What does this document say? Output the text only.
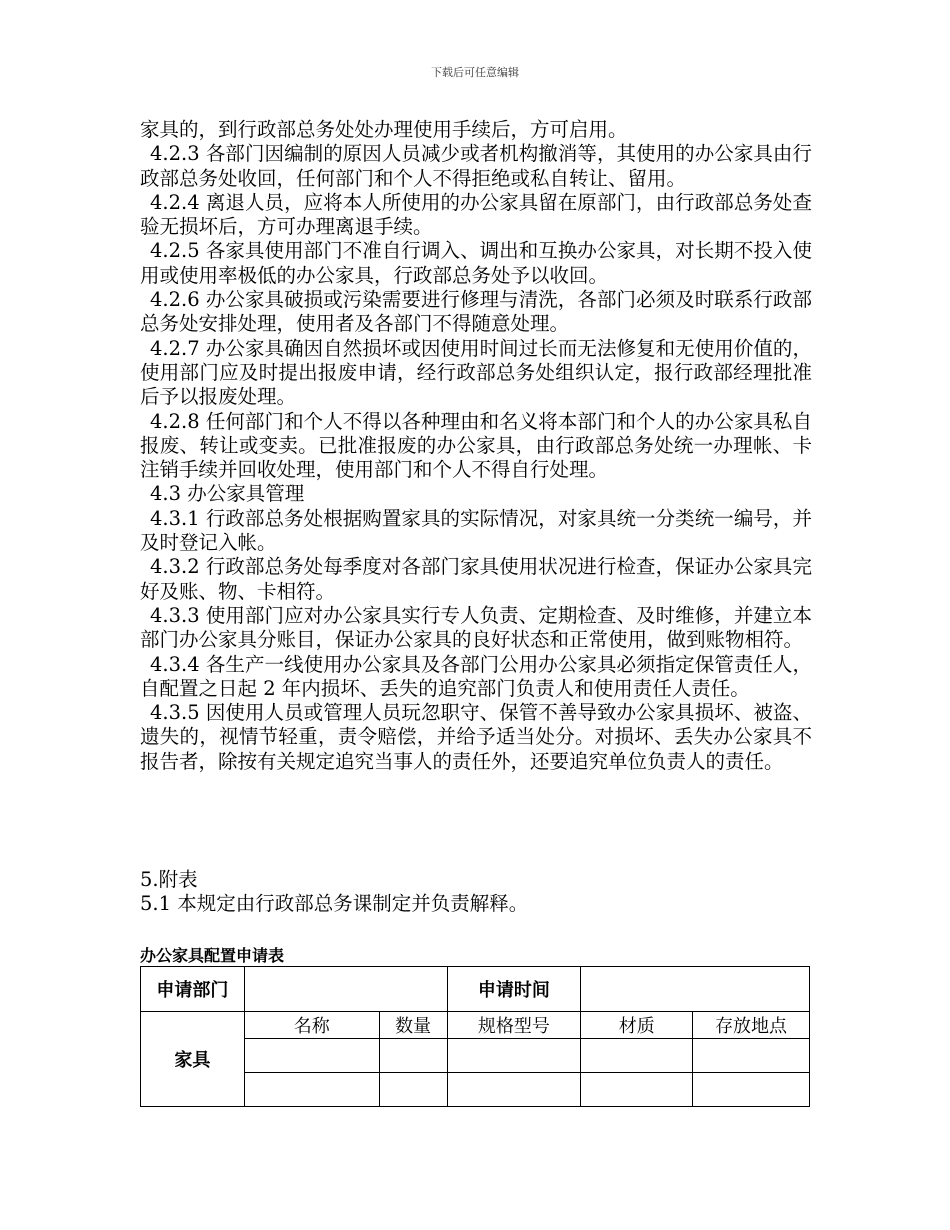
下载后可任意编辑

家具的，到行政部总务处处办理使用手续后，方可启用。

4.2.3 各部门因编制的原因人员减少或者机构撤消等，其使用的办公家具由行政部总务处收回，任何部门和个人不得拒绝或私自转让、留用。

4.2.4 离退人员，应将本人所使用的办公家具留在原部门，由行政部总务处查验无损坏后，方可办理离退手续。

4.2.5 各家具使用部门不准自行调入、调出和互换办公家具，对长期不投入使用或使用率极低的办公家具，行政部总务处予以收回。

4.2.6 办公家具破损或污染需要进行修理与清洗，各部门必须及时联系行政部总务处安排处理，使用者及各部门不得随意处理。

4.2.7 办公家具确因自然损坏或因使用时间过长而无法修复和无使用价值的，使用部门应及时提出报废申请，经行政部总务处组织认定，报行政部经理批准后予以报废处理。

4.2.8 任何部门和个人不得以各种理由和名义将本部门和个人的办公家具私自报废、转让或变卖。已批准报废的办公家具，由行政部总务处统一办理帐、卡注销手续并回收处理，使用部门和个人不得自行处理。

4.3 办公家具管理

4.3.1 行政部总务处根据购置家具的实际情况，对家具统一分类统一编号，并及时登记入帐。

4.3.2 行政部总务处每季度对各部门家具使用状况进行检查，保证办公家具完好及账、物、卡相符。

4.3.3 使用部门应对办公家具实行专人负责、定期检查、及时维修，并建立本部门办公家具分账目，保证办公家具的良好状态和正常使用，做到账物相符。

4.3.4 各生产一线使用办公家具及各部门公用办公家具必须指定保管责任人，自配置之日起 2 年内损坏、丢失的追究部门负责人和使用责任人责任。

4.3.5 因使用人员或管理人员玩忽职守、保管不善导致办公家具损坏、被盗、遗失的，视情节轻重，责令赔偿，并给予适当处分。对损坏、丢失办公家具不报告者，除按有关规定追究当事人的责任外，还要追究单位负责人的责任。

5.附表

5.1 本规定由行政部总务课制定并负责解释。

办公家具配置申请表
申请部门			申请时间		
家具	名称	数量	规格型号	材质	存放地点
